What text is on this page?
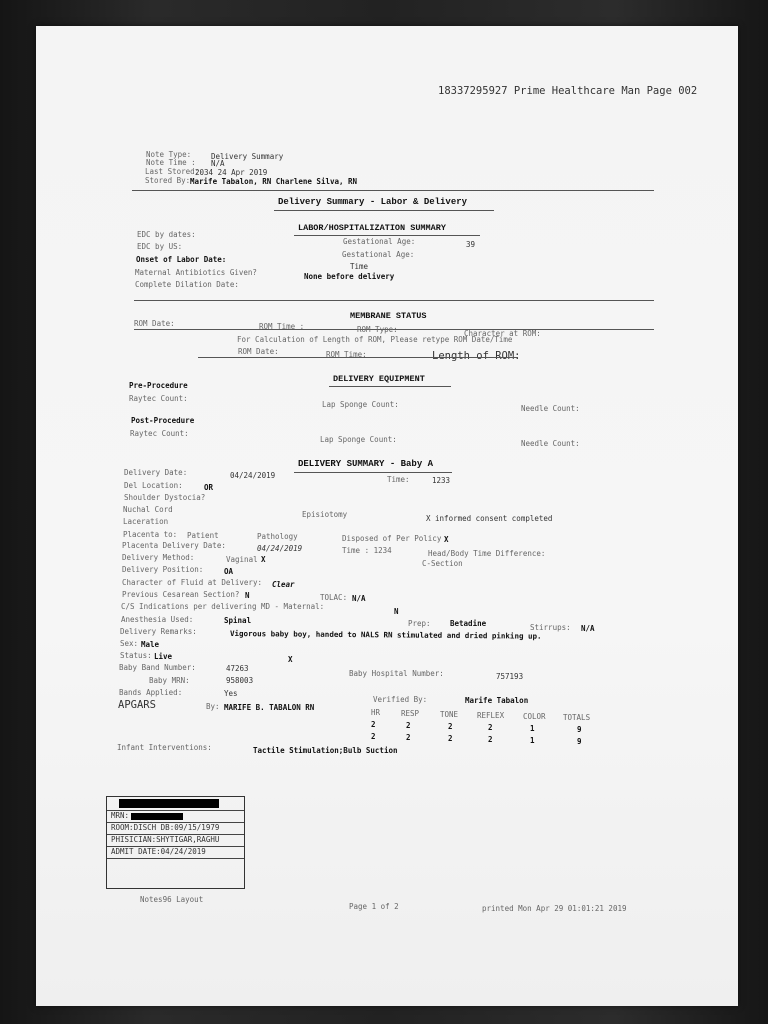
18337295927 Prime Healthcare Man Page 002
Note Type:	Delivery Summary
Note Time : N/A
Last Stored:
2034 24 Apr 2019
Stored By: Marife Tabalon, RN Charlene Silva, RN
Delivery Summary - Labor & Delivery
LABOR/HOSPITALIZATION SUMMARY
EDC by dates:
Gestational Age:	39
EDC by US:
Gestational Age:
Onset of Labor Date:
Time
Maternal Antibiotics Given?	None before delivery
Complete Dilation Date:
MEMBRANE STATUS
ROM Date:	ROM Time :	ROM Type:	Character at ROM:
For Calculation of Length of ROM, Please retype ROM Date/Time
ROM Date:	ROM Time:	Length of ROM:
DELIVERY EQUIPMENT
Pre-Procedure
Raytec Count:
Lap Sponge Count:	Needle Count:
Post-Procedure
Raytec Count:
Lap Sponge Count:	Needle Count:
DELIVERY SUMMARY - Baby A
Delivery Date:	04/24/2019	Time:	1233
Del Location:	OR
Shoulder Dystocia?
Nuchal Cord
Episiotomy	X informed consent completed
Laceration
Placenta to: Patient	Pathology	Disposed of Per Policy X
Placenta Delivery Date:	04/24/2019	Time : 1234	Head/Body Time Difference:
Delivery Method:	Vaginal X	C-Section
Delivery Position:	OA
Character of Fluid at Delivery: Clear
Previous Cesarean Section? N	TOLAC: N/A
C/S Indications per delivering MD - Maternal:
N
Anesthesia Used:	Spinal	Prep:	Betadine	Stirrups: N/A
Delivery Remarks:	Vigorous baby boy, handed to NALS RN stimulated and dried pinking up.
Sex: Male
Status: Live	X
Baby Band Number:	47263
Baby Hospital Number:	757193
Baby MRN:	958003
Bands Applied:	Yes
APGARS	By: MARIFE B. TABALON RN
Verified By:	Marife Tabalon
HR	RESP	TONE	REFLEX	COLOR TOTALS
2	2	2	2	1	9
2	2	2	2	1	9
Infant Interventions:	Tactile Stimulation;Bulb Suction
MRN:
ROOM:DISCH DB:09/15/1979
PHISICIAN:SHYTIGAR,RAGHU
ADMIT DATE:04/24/2019
Notes96 Layout
Page 1 of 2	printed Mon Apr 29 01:01:21 2019
